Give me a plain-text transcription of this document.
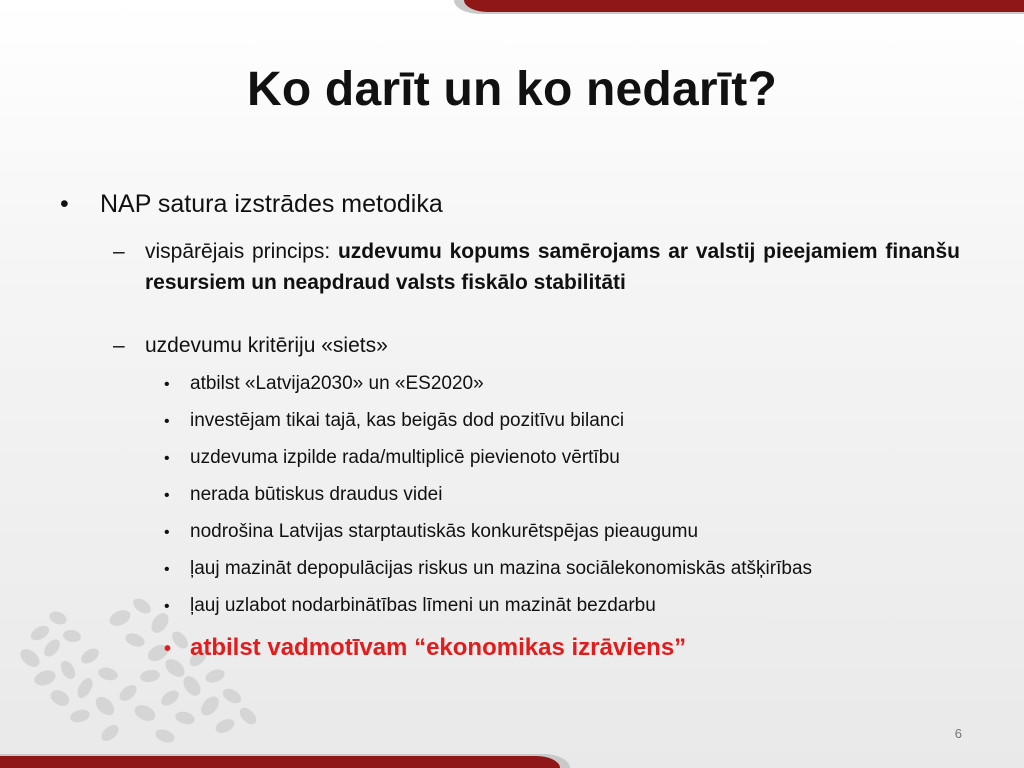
Ko darīt un ko nedarīt?
•	NAP satura izstrādes metodika
– vispārējais princips: uzdevumu kopums samērojams ar valstij pieejamiem finanšu resursiem un neapdraud valsts fiskālo stabilitāti
– uzdevumu kritēriju «siets»
•	atbilst «Latvija2030» un «ES2020»
•	investējam tikai tajā, kas beigās dod pozitīvu bilanci
•	uzdevuma izpilde rada/multiplicē pievienoto vērtību
•	nerada būtiskus draudus videi
•	nodrošina Latvijas starptautiskās konkurētspējas pieaugumu
•	ļauj mazināt depopulācijas riskus un mazina sociālekonomiskās atšķirības
•	ļauj uzlabot nodarbinātības līmeni un mazināt bezdarbu
• atbilst vadmotīvam “ekonomikas izrāviens”
6
